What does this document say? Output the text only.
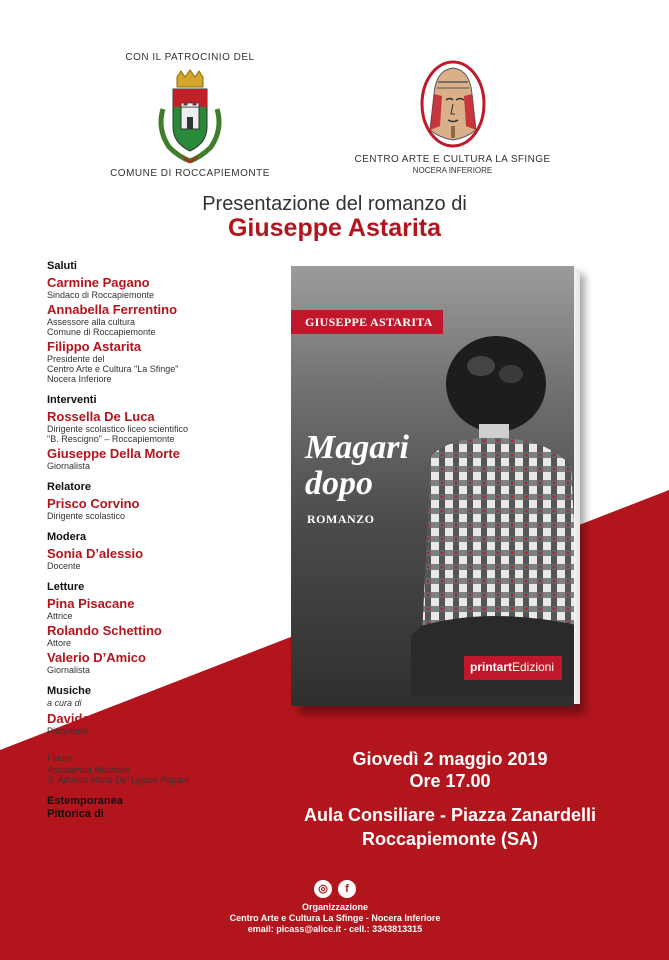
CON IL PATROCINIO DEL
COMUNE DI ROCCAPIEMONTE
CENTRO ARTE E CULTURA LA SFINGE
NOCERA INFERIORE
Presentazione del romanzo di
Giuseppe Astarita
Saluti
Carmine Pagano
Sindaco di Roccapiemonte
Annabella Ferrentino
Assessore alla cultura
Comune di Roccapiemonte
Filippo Astarita
Presidente del
Centro Arte e Cultura "La Sfinge"
Nocera Inferiore
Interventi
Rossella De Luca
Dirigente scolastico liceo scientifico
"B. Rescigno" – Roccapiemonte
Giuseppe Della Morte
Giornalista
Relatore
Prisco Corvino
Dirigente scolastico
Modera
Sonia D’alessio
Docente
Letture
Pina Pisacane
Attrice
Rolando Schettino
Attore
Valerio D’Amico
Giornalista
Musiche
a cura di
Davide Cesarano
Pianoforte
Anna Chiara Sabatino
Flauto
Accademia Musicale
S. Alfonso Maria De' Liguori Pagani
Estemporanea
Pittorica di
Mauro Sodano
GIUSEPPE ASTARITA
Magari
dopo
ROMANZO
printartEdizioni
Giovedì 2 maggio 2019
Ore 17.00
Aula Consiliare - Piazza Zanardelli
Roccapiemonte (SA)
◎	f
Organizzazione
Centro Arte e Cultura La Sfinge - Nocera Inferiore
email: picass@alice.it - cell.: 3343813315
